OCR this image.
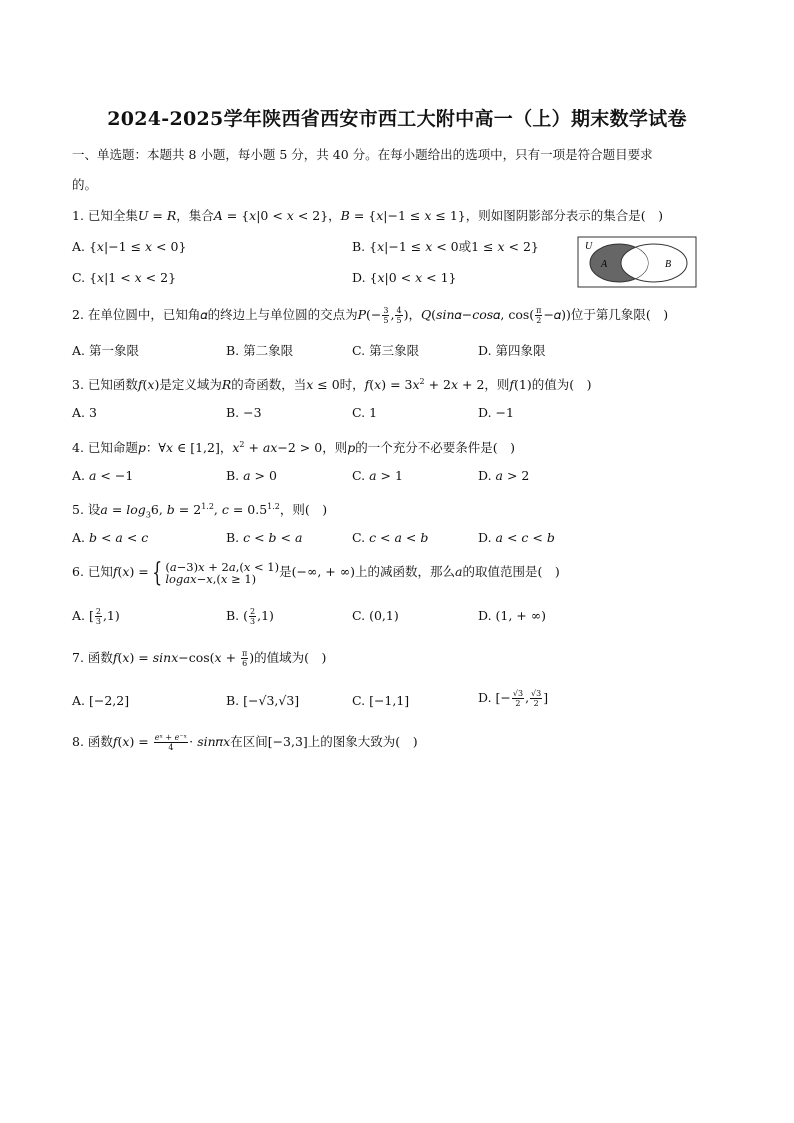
2024-2025学年陕西省西安市西工大附中高一（上）期末数学试卷
一、单选题：本题共 8 小题，每小题 5 分，共 40 分。在每小题给出的选项中，只有一项是符合题目要求
的。
1. 已知全集𝑈 = 𝑅，集合𝐴 = {𝑥|0 < 𝑥 < 2}，𝐵 = {𝑥|−1 ≤ 𝑥 ≤ 1}，则如图阴影部分表示的集合是(　)
A. {𝑥|−1 ≤ 𝑥 < 0}	B. {𝑥|−1 ≤ 𝑥 < 0或1 ≤ 𝑥 < 2}
C. {𝑥|1 < 𝑥 < 2}	D. {𝑥|0 < 𝑥 < 1}
U
A	B
2. 在单位圆中，已知角𝛼的终边上与单位圆的交点为𝑃(− $\frac{3}{5}$ , $\frac{4}{5}$ )，𝑄(𝑠𝑖𝑛𝛼−𝑐𝑜𝑠𝛼, $\cos( \frac{\pi}{2}$ −𝛼))位于第几象限(　)
A. 第一象限	B. 第二象限	C. 第三象限	D. 第四象限
3. 已知函数𝑓(𝑥)是定义域为𝑅的奇函数，当𝑥 ≤ 0时，𝑓(𝑥) = 3𝑥$^2$ + 2𝑥 + 2，则𝑓(1)的值为(　)
A. 3	B. −3	C. 1	D. −1
4. 已知命题𝑝：∀𝑥 ∈ [1,2]，𝑥$^2$ + 𝑎𝑥−2 > 0，则𝑝的一个充分不必要条件是(　)
A. 𝑎 < −1	B. 𝑎 > 0	C. 𝑎 > 1	D. 𝑎 > 2
5. 设𝑎 = 𝑙𝑜𝑔$_3$6, 𝑏 = $2^{1.2}$, 𝑐 = $0.5^{1.2}$，则(　)
A. 𝑏 < 𝑎 < 𝑐	B. 𝑐 < 𝑏 < 𝑎	C. 𝑐 < 𝑎 < 𝑏	D. 𝑎 < 𝑐 < 𝑏
6. 已知𝑓(𝑥) = { (𝑎−3)𝑥 + 2𝑎,(𝑥 < 1)
𝑙𝑜𝑔𝑎𝑥−𝑥,(𝑥 ≥ 1)	是(−∞, + ∞)上的减函数，那么𝑎的取值范围是(　)
A. [ $\frac{2}{3} ,1$)	B. ( $\frac{2}{3} ,1$)	C. (0,1)	D. (1, + ∞)
7. 函数𝑓(𝑥) = 𝑠𝑖𝑛𝑥−cos(𝑥 + $\frac{\pi}{6}$ )的值域为(　)
A. [−2,2]	B. [−√3,√3]	C. [−1,1]	D. [− $\frac{√3}{2}$ , $\frac{√3}{2}$ ]
8. 函数𝑓(𝑥) = $\frac{\text{𝑒ˣ + 𝑒⁻ˣ}}{4}$ ⋅ 𝑠𝑖𝑛𝜋𝑥在区间[−3,3]上的图象大致为(　)
